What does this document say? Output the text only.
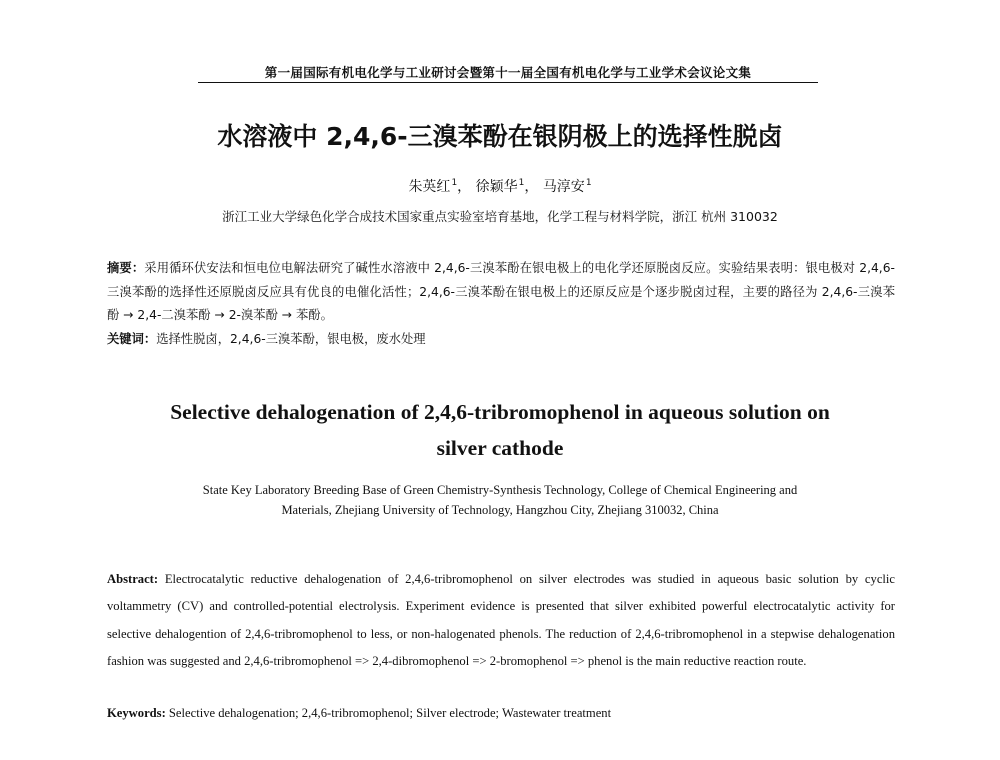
第一届国际有机电化学与工业研讨会暨第十一届全国有机电化学与工业学术会议论文集
水溶液中 2,4,6-三溴苯酚在银阴极上的选择性脱卤
朱英红$^1$， 徐颖华$^1$， 马淳安$^1$
浙江工业大学绿色化学合成技术国家重点实验室培育基地，化学工程与材料学院，浙江 杭州 310032

摘要：采用循环伏安法和恒电位电解法研究了碱性水溶液中 2,4,6-三溴苯酚在银电极上的电化学还原脱卤反应。实验结果表明：银电极对 2,4,6-三溴苯酚的选择性还原脱卤反应具有优良的电催化活性；2,4,6-三溴苯酚在银电极上的还原反应是个逐步脱卤过程，主要的路径为 2,4,6-三溴苯酚 → 2,4-二溴苯酚 → 2-溴苯酚 → 苯酚。

关键词：选择性脱卤，2,4,6-三溴苯酚，银电极，废水处理

Selective dehalogenation of 2,4,6-tribromophenol in aqueous solution on
silver cathode
State Key Laboratory Breeding Base of Green Chemistry-Synthesis Technology, College of Chemical Engineering and
Materials, Zhejiang University of Technology, Hangzhou City, Zhejiang 310032, China

Abstract: Electrocatalytic reductive dehalogenation of 2,4,6-tribromophenol on silver electrodes was studied in aqueous basic solution by cyclic voltammetry (CV) and controlled-potential electrolysis. Experiment evidence is presented that silver exhibited powerful electrocatalytic activity for selective dehalogention of 2,4,6-tribromophenol to less, or non-halogenated phenols. The reduction of 2,4,6-tribromophenol in a stepwise dehalogenation fashion was suggested and 2,4,6-tribromophenol => 2,4-dibromophenol => 2-bromophenol => phenol is the main reductive reaction route.

Keywords: Selective dehalogenation; 2,4,6-tribromophenol; Silver electrode; Wastewater treatment
